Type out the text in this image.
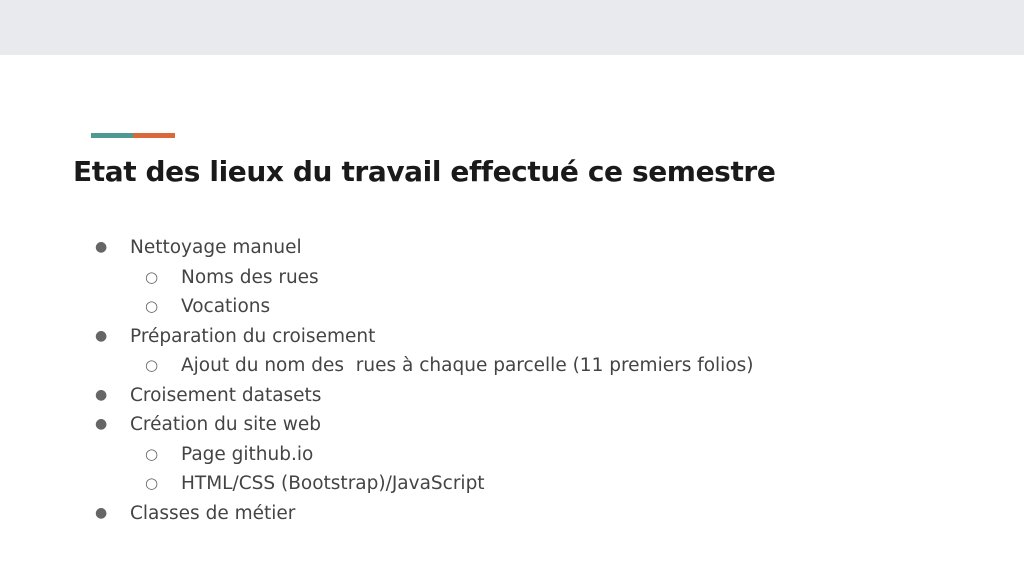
Etat des lieux du travail effectué ce semestre
● Nettoyage manuel
○ Noms des rues
○ Vocations
● Préparation du croisement
○ Ajout du nom des  rues à chaque parcelle (11 premiers folios)
● Croisement datasets
● Création du site web
○ Page github.io
○ HTML/CSS (Bootstrap)/JavaScript
● Classes de métier
